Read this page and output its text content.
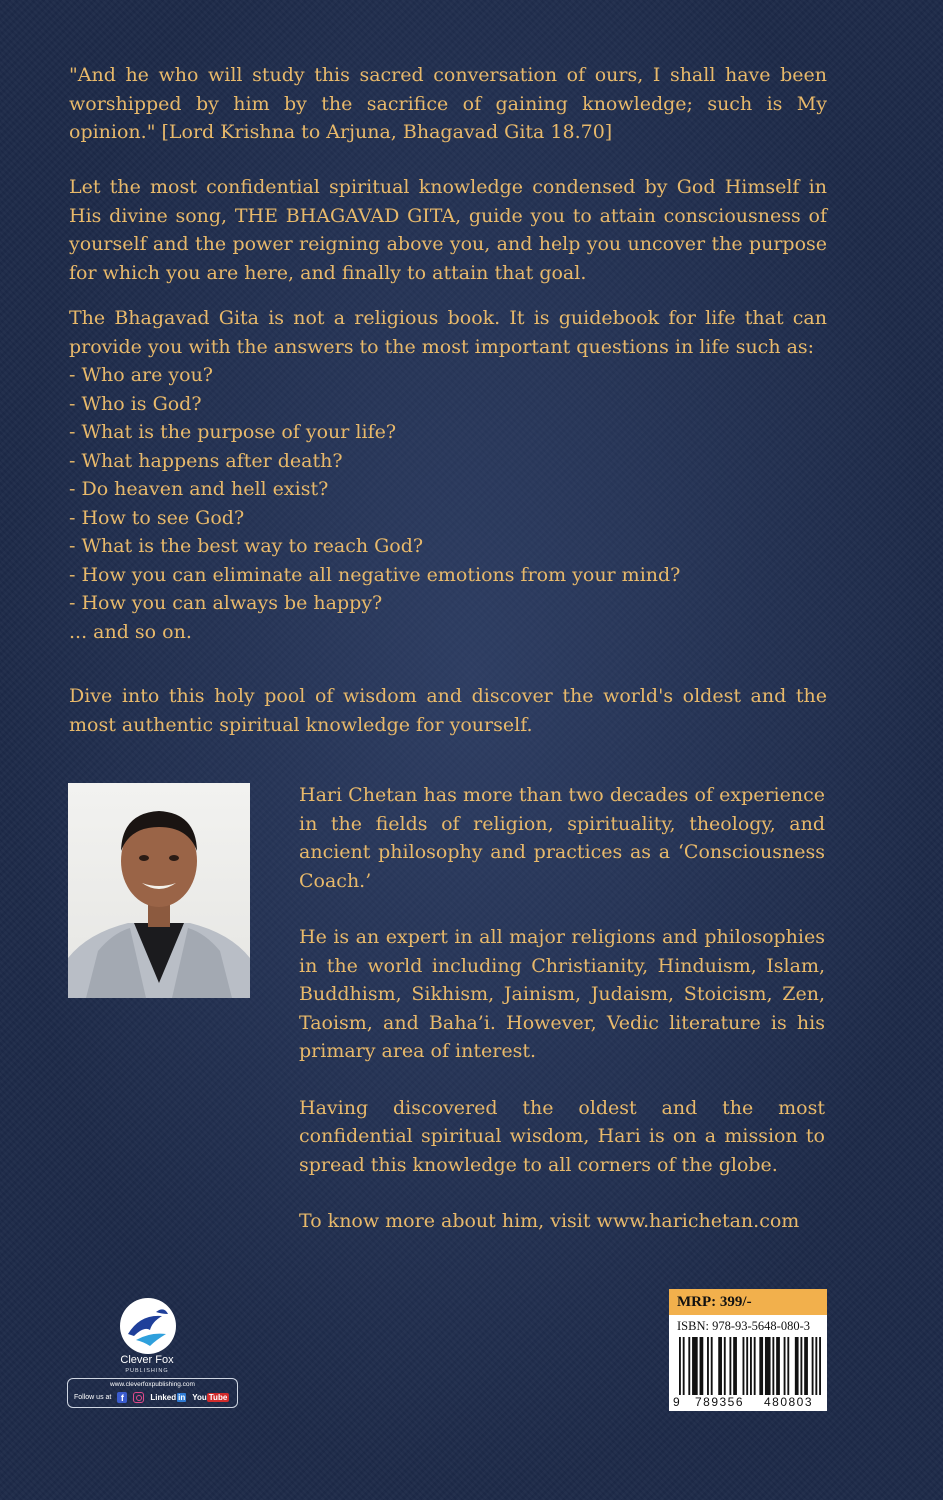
"And he who will study this sacred conversation of ours, I shall have been worshipped by him by the sacrifice of gaining knowledge; such is My opinion." [Lord Krishna to Arjuna, Bhagavad Gita 18.70]

Let the most confidential spiritual knowledge condensed by God Himself in His divine song, THE BHAGAVAD GITA, guide you to attain consciousness of yourself and the power reigning above you, and help you uncover the purpose for which you are here, and finally to attain that goal.

The Bhagavad Gita is not a religious book. It is guidebook for life that can provide you with the answers to the most important questions in life such as:

- Who are you?
- Who is God?
- What is the purpose of your life?
- What happens after death?
- Do heaven and hell exist?
- How to see God?
- What is the best way to reach God?
- How you can eliminate all negative emotions from your mind?
- How you can always be happy?

... and so on.

Dive into this holy pool of wisdom and discover the world's oldest and the most authentic spiritual knowledge for yourself.

Hari Chetan has more than two decades of experience in the fields of religion, spirituality, theology, and ancient philosophy and practices as a ‘Consciousness Coach.’

He is an expert in all major religions and philosophies in the world including Christianity, Hinduism, Islam, Buddhism, Sikhism, Jainism, Judaism, Stoicism, Zen, Taoism, and Baha’i. However, Vedic literature is his primary area of interest.

Having discovered the oldest and the most confidential spiritual wisdom, Hari is on a mission to spread this knowledge to all corners of the globe.

To know more about him, visit www.harichetan.com

Clever Fox
PUBLISHING
www.cleverfoxpublishing.com
Follow us at	f	Linked in You Tube
MRP: 399/-
ISBN: 978-93-5648-080-3
9	789356	480803
